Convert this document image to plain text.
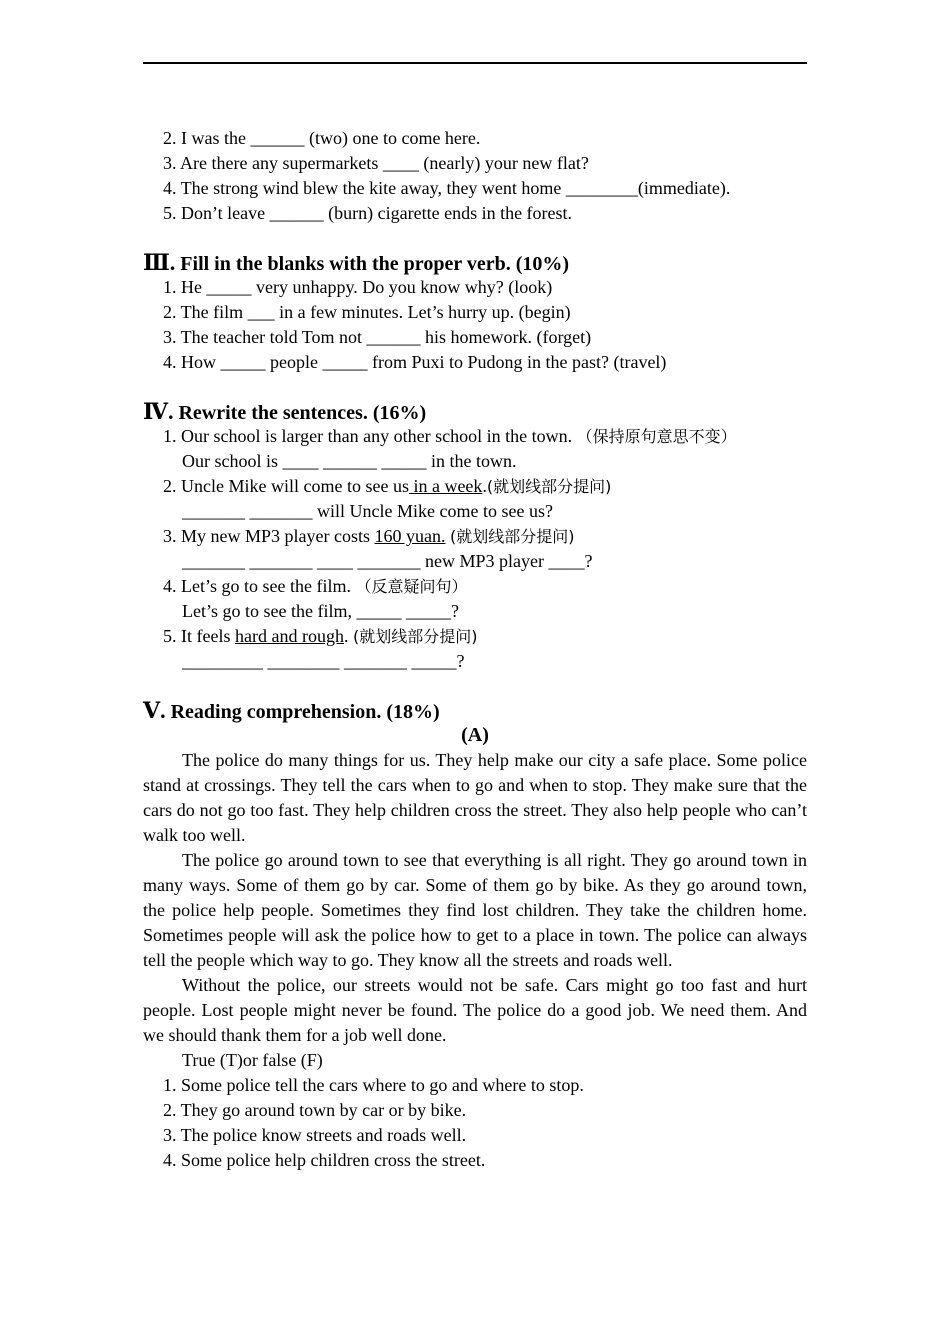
2. I was the ______ (two) one to come here.
3. Are there any supermarkets ____ (nearly) your new flat?
4. The strong wind blew the kite away, they went home ________(immediate).
5. Don’t leave ______ (burn) cigarette ends in the forest.
Ⅲ. Fill in the blanks with the proper verb. (10%)
1. He _____ very unhappy. Do you know why? (look)
2. The film ___ in a few minutes. Let’s hurry up. (begin)
3. The teacher told Tom not ______ his homework. (forget)
4. How _____ people _____ from Puxi to Pudong in the past? (travel)
Ⅳ. Rewrite the sentences. (16%)
1. Our school is larger than any other school in the town. （保持原句意思不变）
Our school is ____ ______ _____ in the town.
2. Uncle Mike will come to see us in a week.(就划线部分提问)
_______ _______ will Uncle Mike come to see us?
3. My new MP3 player costs 160 yuan. (就划线部分提问)
_______ _______ ____ _______ new MP3 player ____?
4. Let’s go to see the film. （反意疑问句）
Let’s go to see the film, _____ _____?
5. It feels hard and rough. (就划线部分提问)
_________ ________ _______ _____?
Ⅴ. Reading comprehension. (18%)
(A)
The police do many things for us. They help make our city a safe place. Some police stand at crossings. They tell the cars when to go and when to stop. They make sure that the cars do not go too fast. They help children cross the street. They also help people who can’t walk too well.
The police go around town to see that everything is all right. They go around town in many ways. Some of them go by car. Some of them go by bike. As they go around town, the police help people. Sometimes they find lost children. They take the children home. Sometimes people will ask the police how to get to a place in town. The police can always tell the people which way to go. They know all the streets and roads well.
Without the police, our streets would not be safe. Cars might go too fast and hurt people. Lost people might never be found. The police do a good job. We need them. And we should thank them for a job well done.
True (T)or false (F)
1. Some police tell the cars where to go and where to stop.
2. They go around town by car or by bike.
3. The police know streets and roads well.
4. Some police help children cross the street.
